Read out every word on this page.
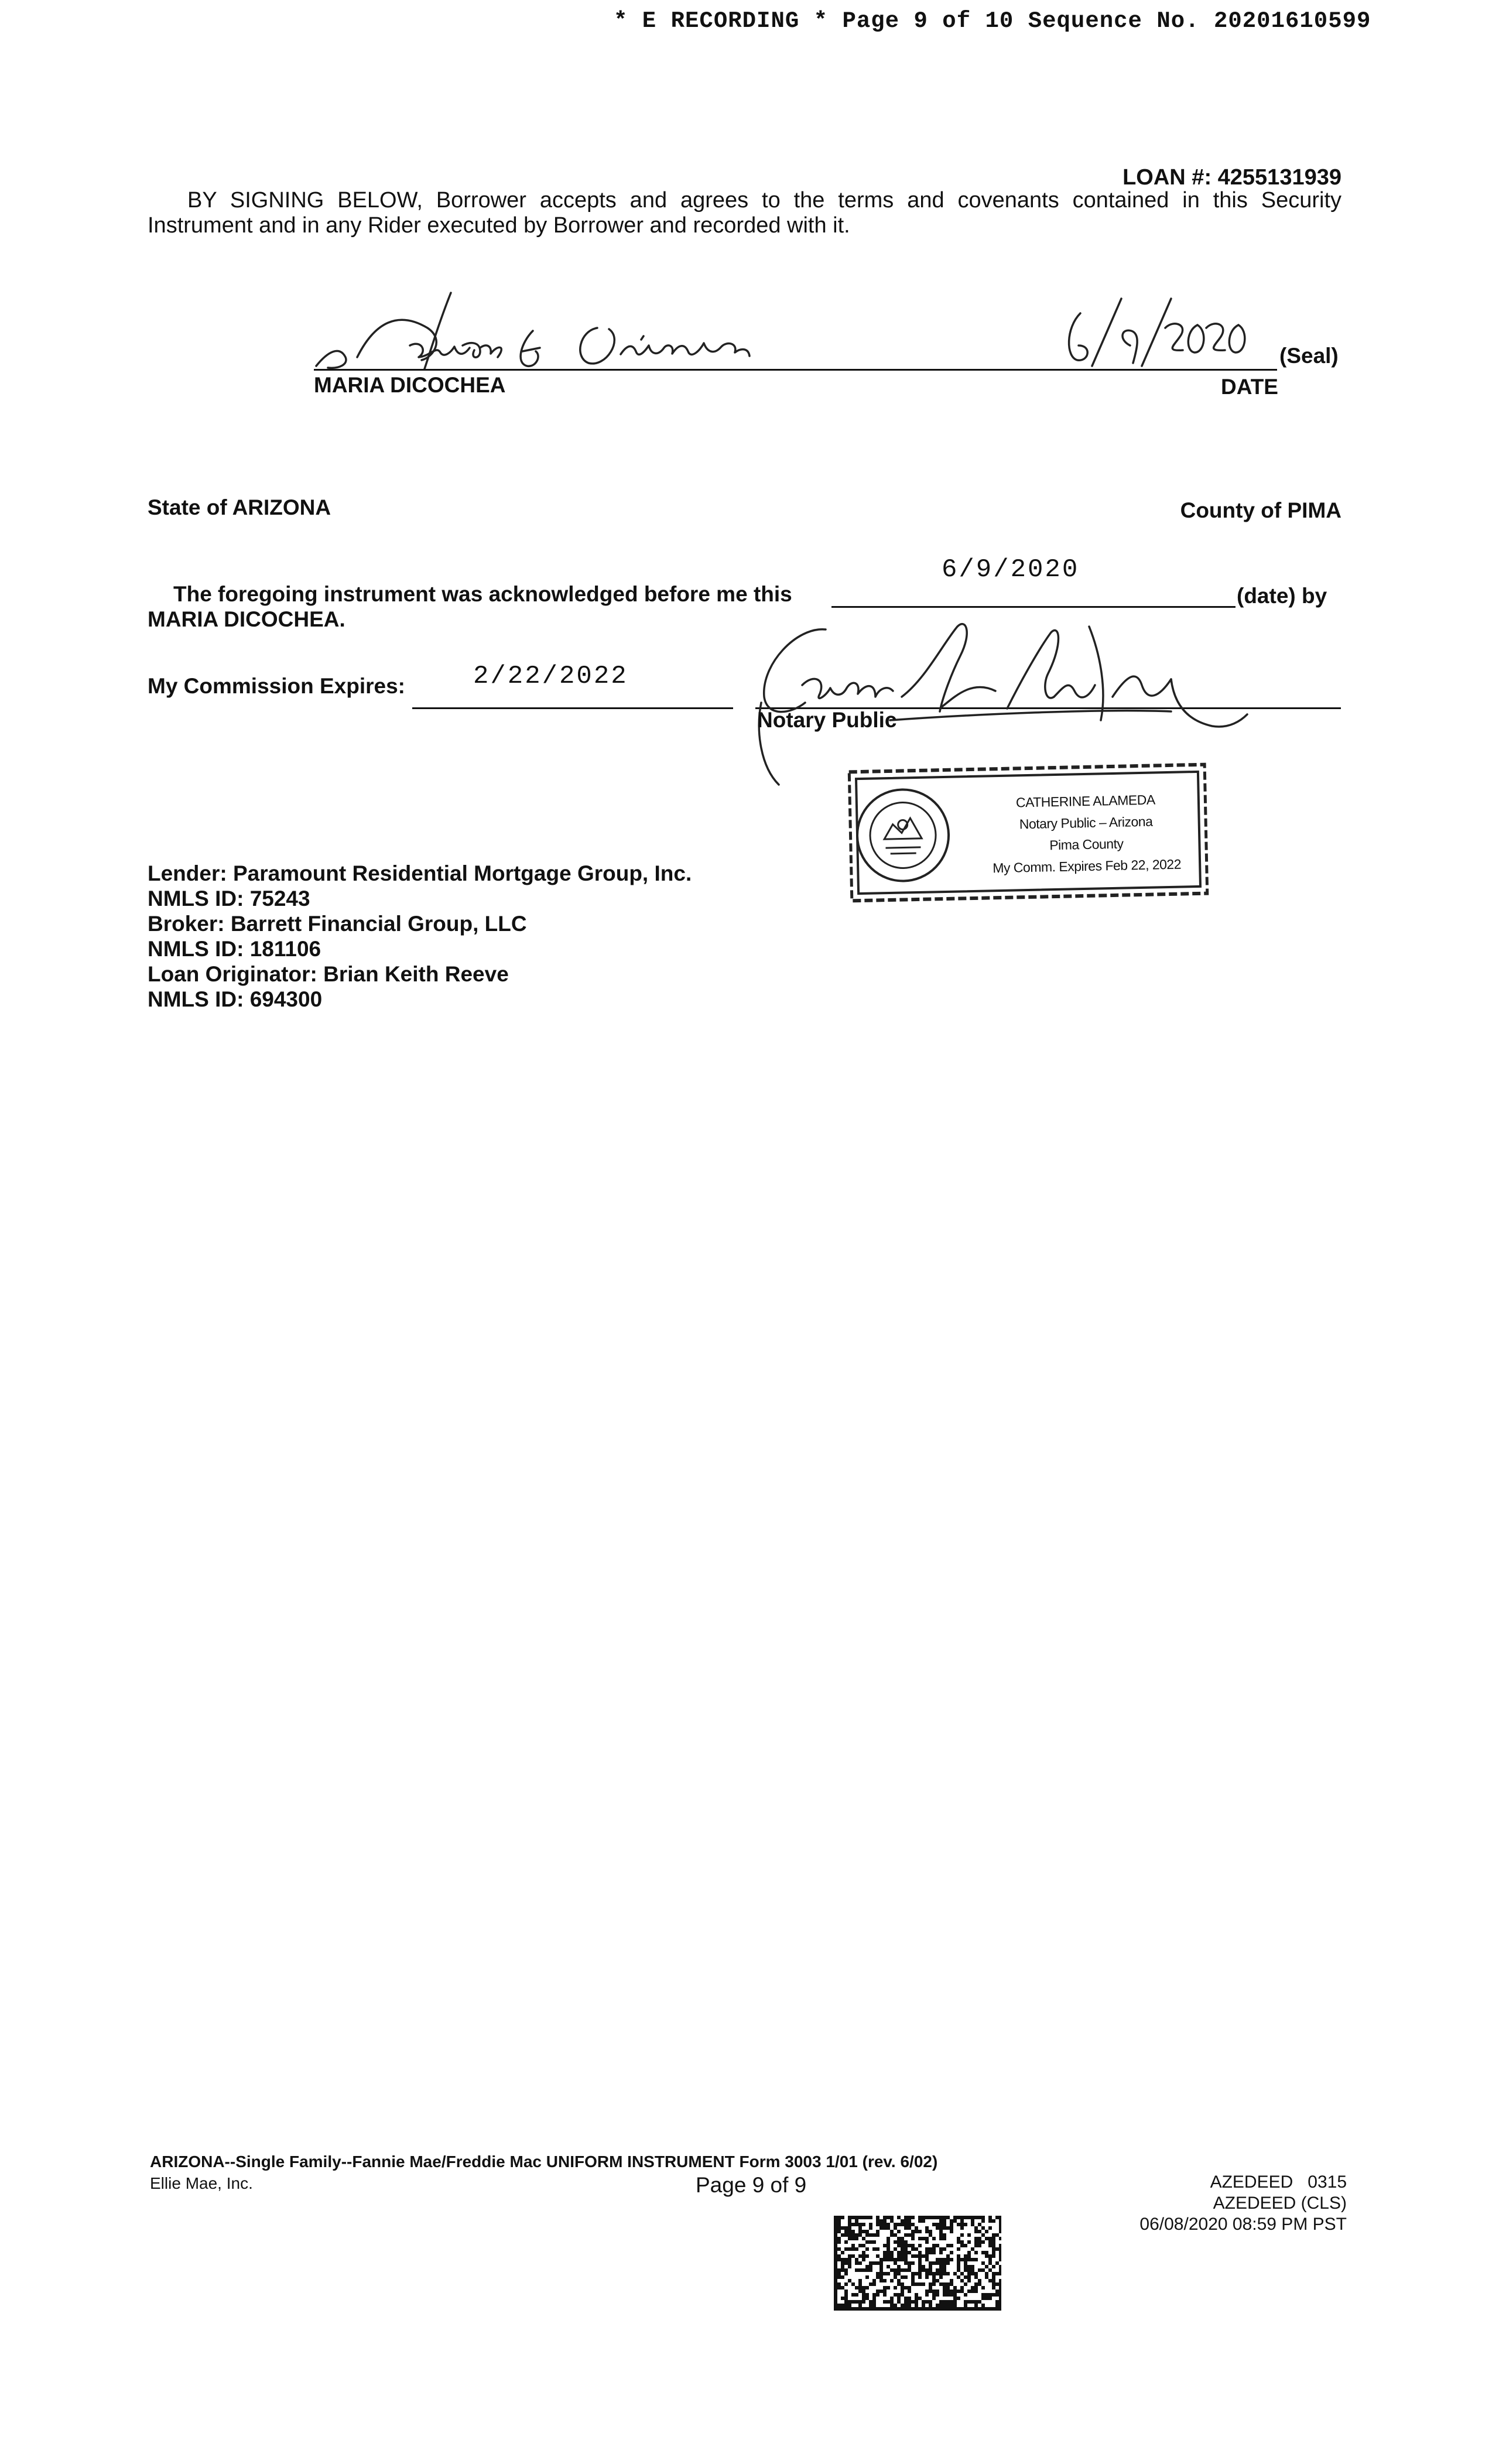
* E RECORDING * Page 9 of 10 Sequence No. 20201610599
LOAN #: 4255131939
BY SIGNING BELOW, Borrower accepts and agrees to the terms and covenants contained in this Security
Instrument and in any Rider executed by Borrower and recorded with it.
MARIA DICOCHEA
(Seal)
DATE
State of ARIZONA	County of PIMA
6/9/2020
The foregoing instrument was acknowledged before me this	(date) by
MARIA DICOCHEA.
My Commission Expires:	2/22/2022
Notary Public
CATHERINE ALAMEDA
Notary Public – Arizona
Pima County
My Comm. Expires Feb 22, 2022
Lender: Paramount Residential Mortgage Group, Inc.
NMLS ID: 75243
Broker: Barrett Financial Group, LLC
NMLS ID: 181106
Loan Originator: Brian Keith Reeve
NMLS ID: 694300
ARIZONA--Single Family--Fannie Mae/Freddie Mac UNIFORM INSTRUMENT Form 3003 1/01 (rev. 6/02)
Ellie Mae, Inc.	Page 9 of 9	AZEDEED   0315
AZEDEED (CLS)
06/08/2020 08:59 PM PST
